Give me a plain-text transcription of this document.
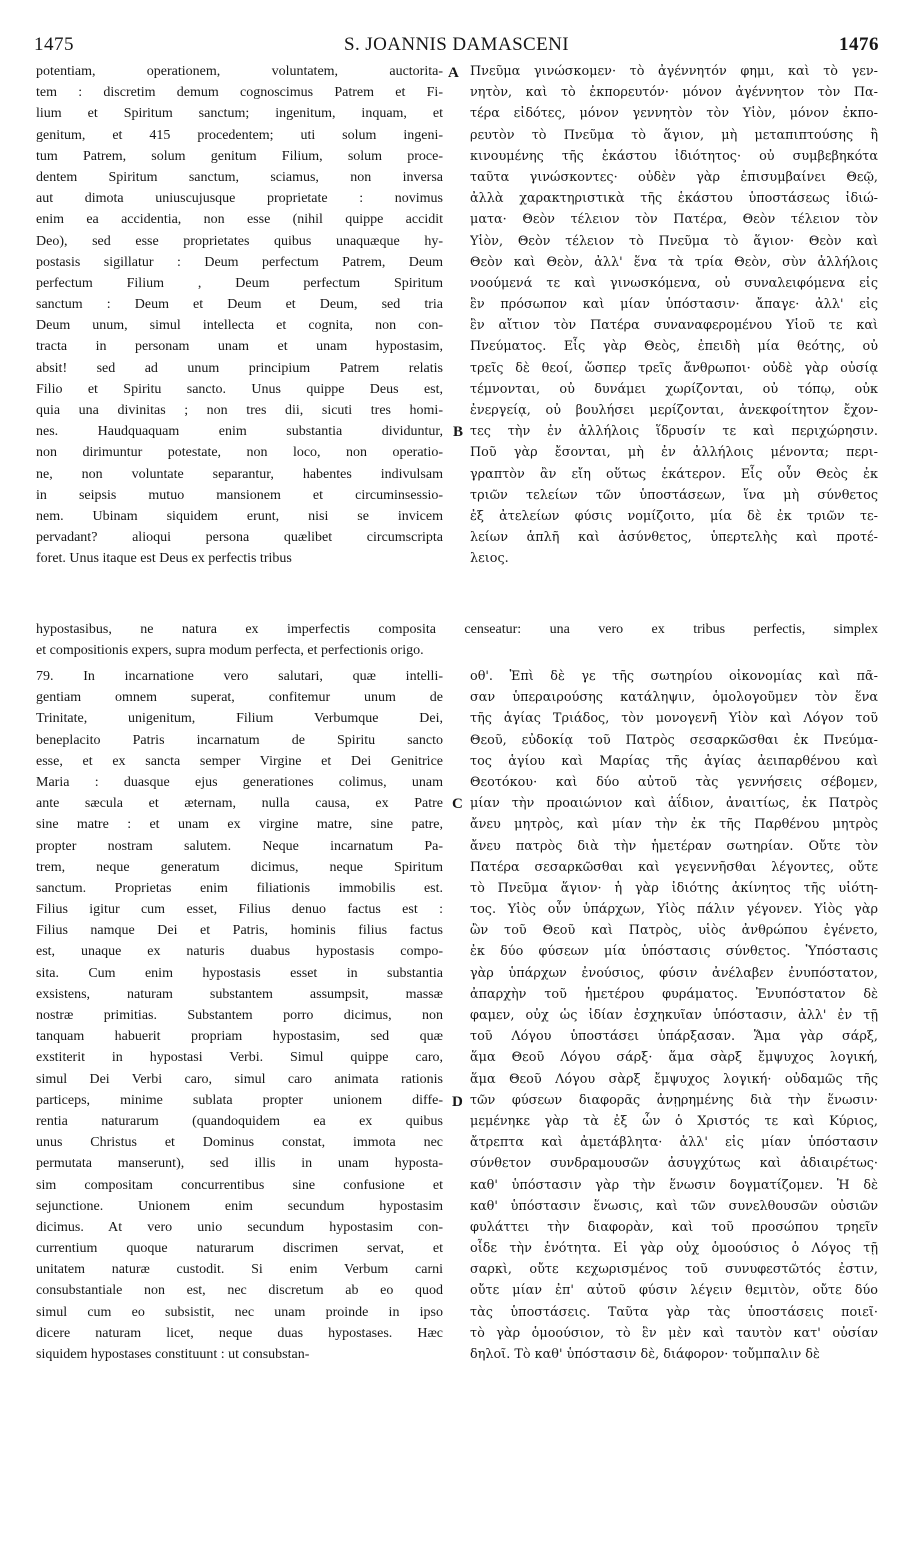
1475	S. JOANNIS DAMASCENI	1476
A
B
C
D
potentiam, operationem, voluntatem, auctorita-
tem : discretim demum cognoscimus Patrem et Fi-
lium et Spiritum sanctum; ingenitum, inquam, et
genitum, et 415 procedentem; uti solum ingeni-
tum Patrem, solum genitum Filium, solum proce-
dentem Spiritum sanctum, sciamus, non inversa
aut dimota uniuscujusque proprietate : novimus
enim ea accidentia, non esse (nihil quippe accidit
Deo), sed esse proprietates quibus unaquæque hy-
postasis sigillatur : Deum perfectum Patrem, Deum
perfectum Filium , Deum perfectum Spiritum
sanctum : Deum et Deum et Deum, sed tria
Deum unum, simul intellecta et cognita, non con-
tracta in personam unam et unam hypostasim,
absit! sed ad unum principium Patrem relatis
Filio et Spiritu sancto. Unus quippe Deus est,
quia una divinitas ; non tres dii, sicuti tres homi-
nes. Haudquaquam enim substantia dividuntur,
non dirimuntur potestate, non loco, non operatio-
ne, non voluntate separantur, habentes indivulsam
in seipsis mutuo mansionem et circuminsessio-
nem. Ubinam siquidem erunt, nisi se invicem
pervadant? alioqui persona quælibet circumscripta
foret. Unus itaque est Deus ex perfectis tribus
Πνεῦμα γινώσκομεν· τὸ ἀγέννητόν φημι, καὶ τὸ γεν-
νητὸν, καὶ τὸ ἐκπορευτόν· μόνον ἀγέννητον τὸν Πα-
τέρα εἰδότες, μόνον γεννητὸν τὸν Υἱὸν, μόνον ἐκπο-
ρευτὸν τὸ Πνεῦμα τὸ ἅγιον, μὴ μεταπιπτούσης ἢ
κινουμένης τῆς ἑκάστου ἰδιότητος· οὐ συμβεβηκότα
ταῦτα γινώσκοντες· οὐδὲν γὰρ ἐπισυμβαίνει Θεῷ,
ἀλλὰ χαρακτηριστικὰ τῆς ἑκάστου ὑποστάσεως ἰδιώ-
ματα· Θεὸν τέλειον τὸν Πατέρα, Θεὸν τέλειον τὸν
Υἱὸν, Θεὸν τέλειον τὸ Πνεῦμα τὸ ἅγιον· Θεὸν καὶ
Θεὸν καὶ Θεὸν, ἀλλ' ἕνα τὰ τρία Θεὸν, σὺν ἀλλήλοις
νοούμενά τε καὶ γινωσκόμενα, οὐ συναλειφόμενα εἰς
ἓν πρόσωπον καὶ μίαν ὑπόστασιν· ἄπαγε· ἀλλ' εἰς
ἓν αἴτιον τὸν Πατέρα συναναφερομένου Υἱοῦ τε καὶ
Πνεύματος. Εἷς γὰρ Θεὸς, ἐπειδὴ μία θεότης, οὐ
τρεῖς δὲ θεοί, ὥσπερ τρεῖς ἄνθρωποι· οὐδὲ γὰρ οὐσίᾳ
τέμνονται, οὐ δυνάμει χωρίζονται, οὐ τόπῳ, οὐκ
ἐνεργείᾳ, οὐ βουλήσει μερίζονται, ἀνεκφοίτητον ἔχον-
τες τὴν ἐν ἀλλήλοις ἵδρυσίν τε καὶ περιχώρησιν.
Ποῦ γὰρ ἔσονται, μὴ ἐν ἀλλήλοις μένοντα; περι-
γραπτὸν ἂν εἴη οὕτως ἑκάτερον. Εἷς οὖν Θεὸς ἐκ
τριῶν τελείων τῶν ὑποστάσεων, ἵνα μὴ σύνθετος
ἐξ ἀτελείων φύσις νομίζοιτο, μία δὲ ἐκ τριῶν τε-
λείων ἁπλῆ καὶ ἀσύνθετος, ὑπερτελὴς καὶ προτέ-
λειος.
hypostasibus, ne natura ex imperfectis composita censeatur: una vero ex tribus perfectis, simplex
et compositionis expers, supra modum perfecta, et perfectionis origo.
79. In incarnatione vero salutari, quæ intelli-
gentiam omnem superat, confitemur unum de
Trinitate, unigenitum, Filium Verbumque Dei,
beneplacito Patris incarnatum de Spiritu sancto
esse, et ex sancta semper Virgine et Dei Genitrice
Maria : duasque ejus generationes colimus, unam
ante sæcula et æternam, nulla causa, ex Patre
sine matre : et unam ex virgine matre, sine patre,
propter nostram salutem. Neque incarnatum Pa-
trem, neque generatum dicimus, neque Spiritum
sanctum. Proprietas enim filiationis immobilis est.
Filius igitur cum esset, Filius denuo factus est :
Filius namque Dei et Patris, hominis filius factus
est, unaque ex naturis duabus hypostasis compo-
sita. Cum enim hypostasis esset in substantia
exsistens, naturam substantem assumpsit, massæ
nostræ primitias. Substantem porro dicimus, non
tanquam habuerit propriam hypostasim, sed quæ
exstiterit in hypostasi Verbi. Simul quippe caro,
simul Dei Verbi caro, simul caro animata rationis
particeps, minime sublata propter unionem diffe-
rentia naturarum (quandoquidem ea ex quibus
unus Christus et Dominus constat, immota nec
permutata manserunt), sed illis in unam hyposta-
sim compositam concurrentibus sine confusione et
sejunctione. Unionem enim secundum hypostasim
dicimus. At vero unio secundum hypostasim con-
currentium quoque naturarum discrimen servat, et
unitatem naturæ custodit. Si enim Verbum carni
consubstantiale non est, nec discretum ab eo quod
simul cum eo subsistit, nec unam proinde in ipso
dicere naturam licet, neque duas hypostases. Hæc
siquidem hypostases constituunt : ut consubstan-
οθ'. Ἐπὶ δὲ γε τῆς σωτηρίου οἰκονομίας καὶ πᾶ-
σαν ὑπεραιρούσης κατάληψιν, ὁμολογοῦμεν τὸν ἕνα
τῆς ἁγίας Τριάδος, τὸν μονογενῆ Υἱὸν καὶ Λόγον τοῦ
Θεοῦ, εὐδοκίᾳ τοῦ Πατρὸς σεσαρκῶσθαι ἐκ Πνεύμα-
τος ἁγίου καὶ Μαρίας τῆς ἁγίας ἀειπαρθένου καὶ
Θεοτόκου· καὶ δύο αὐτοῦ τὰς γεννήσεις σέβομεν,
μίαν τὴν προαιώνιον καὶ ἀΐδιον, ἀναιτίως, ἐκ Πατρὸς
ἄνευ μητρὸς, καὶ μίαν τὴν ἐκ τῆς Παρθένου μητρὸς
ἄνευ πατρὸς διὰ τὴν ἡμετέραν σωτηρίαν. Οὔτε τὸν
Πατέρα σεσαρκῶσθαι καὶ γεγεννῆσθαι λέγοντες, οὔτε
τὸ Πνεῦμα ἅγιον· ἡ γὰρ ἰδιότης ἀκίνητος τῆς υἱότη-
τος. Υἱὸς οὖν ὑπάρχων, Υἱὸς πάλιν γέγονεν. Υἱὸς γὰρ
ὢν τοῦ Θεοῦ καὶ Πατρὸς, υἱὸς ἀνθρώπου ἐγένετο,
ἐκ δύο φύσεων μία ὑπόστασις σύνθετος. Ὑπόστασις
γὰρ ὑπάρχων ἐνούσιος, φύσιν ἀνέλαβεν ἐνυπόστατον,
ἀπαρχὴν τοῦ ἡμετέρου φυράματος. Ἐνυπόστατον δὲ
φαμεν, οὐχ ὡς ἰδίαν ἐσχηκυῖαν ὑπόστασιν, ἀλλ' ἐν τῇ
τοῦ Λόγου ὑποστάσει ὑπάρξασαν. Ἅμα γὰρ σάρξ,
ἅμα Θεοῦ Λόγου σάρξ· ἅμα σὰρξ ἔμψυχος λογική,
ἅμα Θεοῦ Λόγου σὰρξ ἔμψυχος λογική· οὐδαμῶς τῆς
τῶν φύσεων διαφορᾶς ἀνῃρημένης διὰ τὴν ἕνωσιν·
μεμένηκε γὰρ τὰ ἐξ ὧν ὁ Χριστός τε καὶ Κύριος,
ἄτρεπτα καὶ ἀμετάβλητα· ἀλλ' εἰς μίαν ὑπόστασιν
σύνθετον συνδραμουσῶν ἀσυγχύτως καὶ ἀδιαιρέτως·
καθ' ὑπόστασιν γὰρ τὴν ἕνωσιν δογματίζομεν. Ἡ δὲ
καθ' ὑπόστασιν ἕνωσις, καὶ τῶν συνελθουσῶν οὐσιῶν
φυλάττει τὴν διαφορὰν, καὶ τοῦ προσώπου τρηεῖν
οἶδε τὴν ἑνότητα. Εἰ γὰρ οὐχ ὁμοούσιος ὁ Λόγος τῇ
σαρκὶ, οὔτε κεχωρισμένος τοῦ συνυφεστῶτός ἐστιν,
οὔτε μίαν ἐπ' αὐτοῦ φύσιν λέγειν θεμιτὸν, οὔτε δύο
τὰς ὑποστάσεις. Ταῦτα γὰρ τὰς ὑποστάσεις ποιεῖ·
τὸ γὰρ ὁμοούσιον, τὸ ἓν μὲν καὶ ταυτὸν κατ' οὐσίαν
δηλοῖ. Τὸ καθ' ὑπόστασιν δὲ, διάφορον· τοὔμπαλιν δὲ
